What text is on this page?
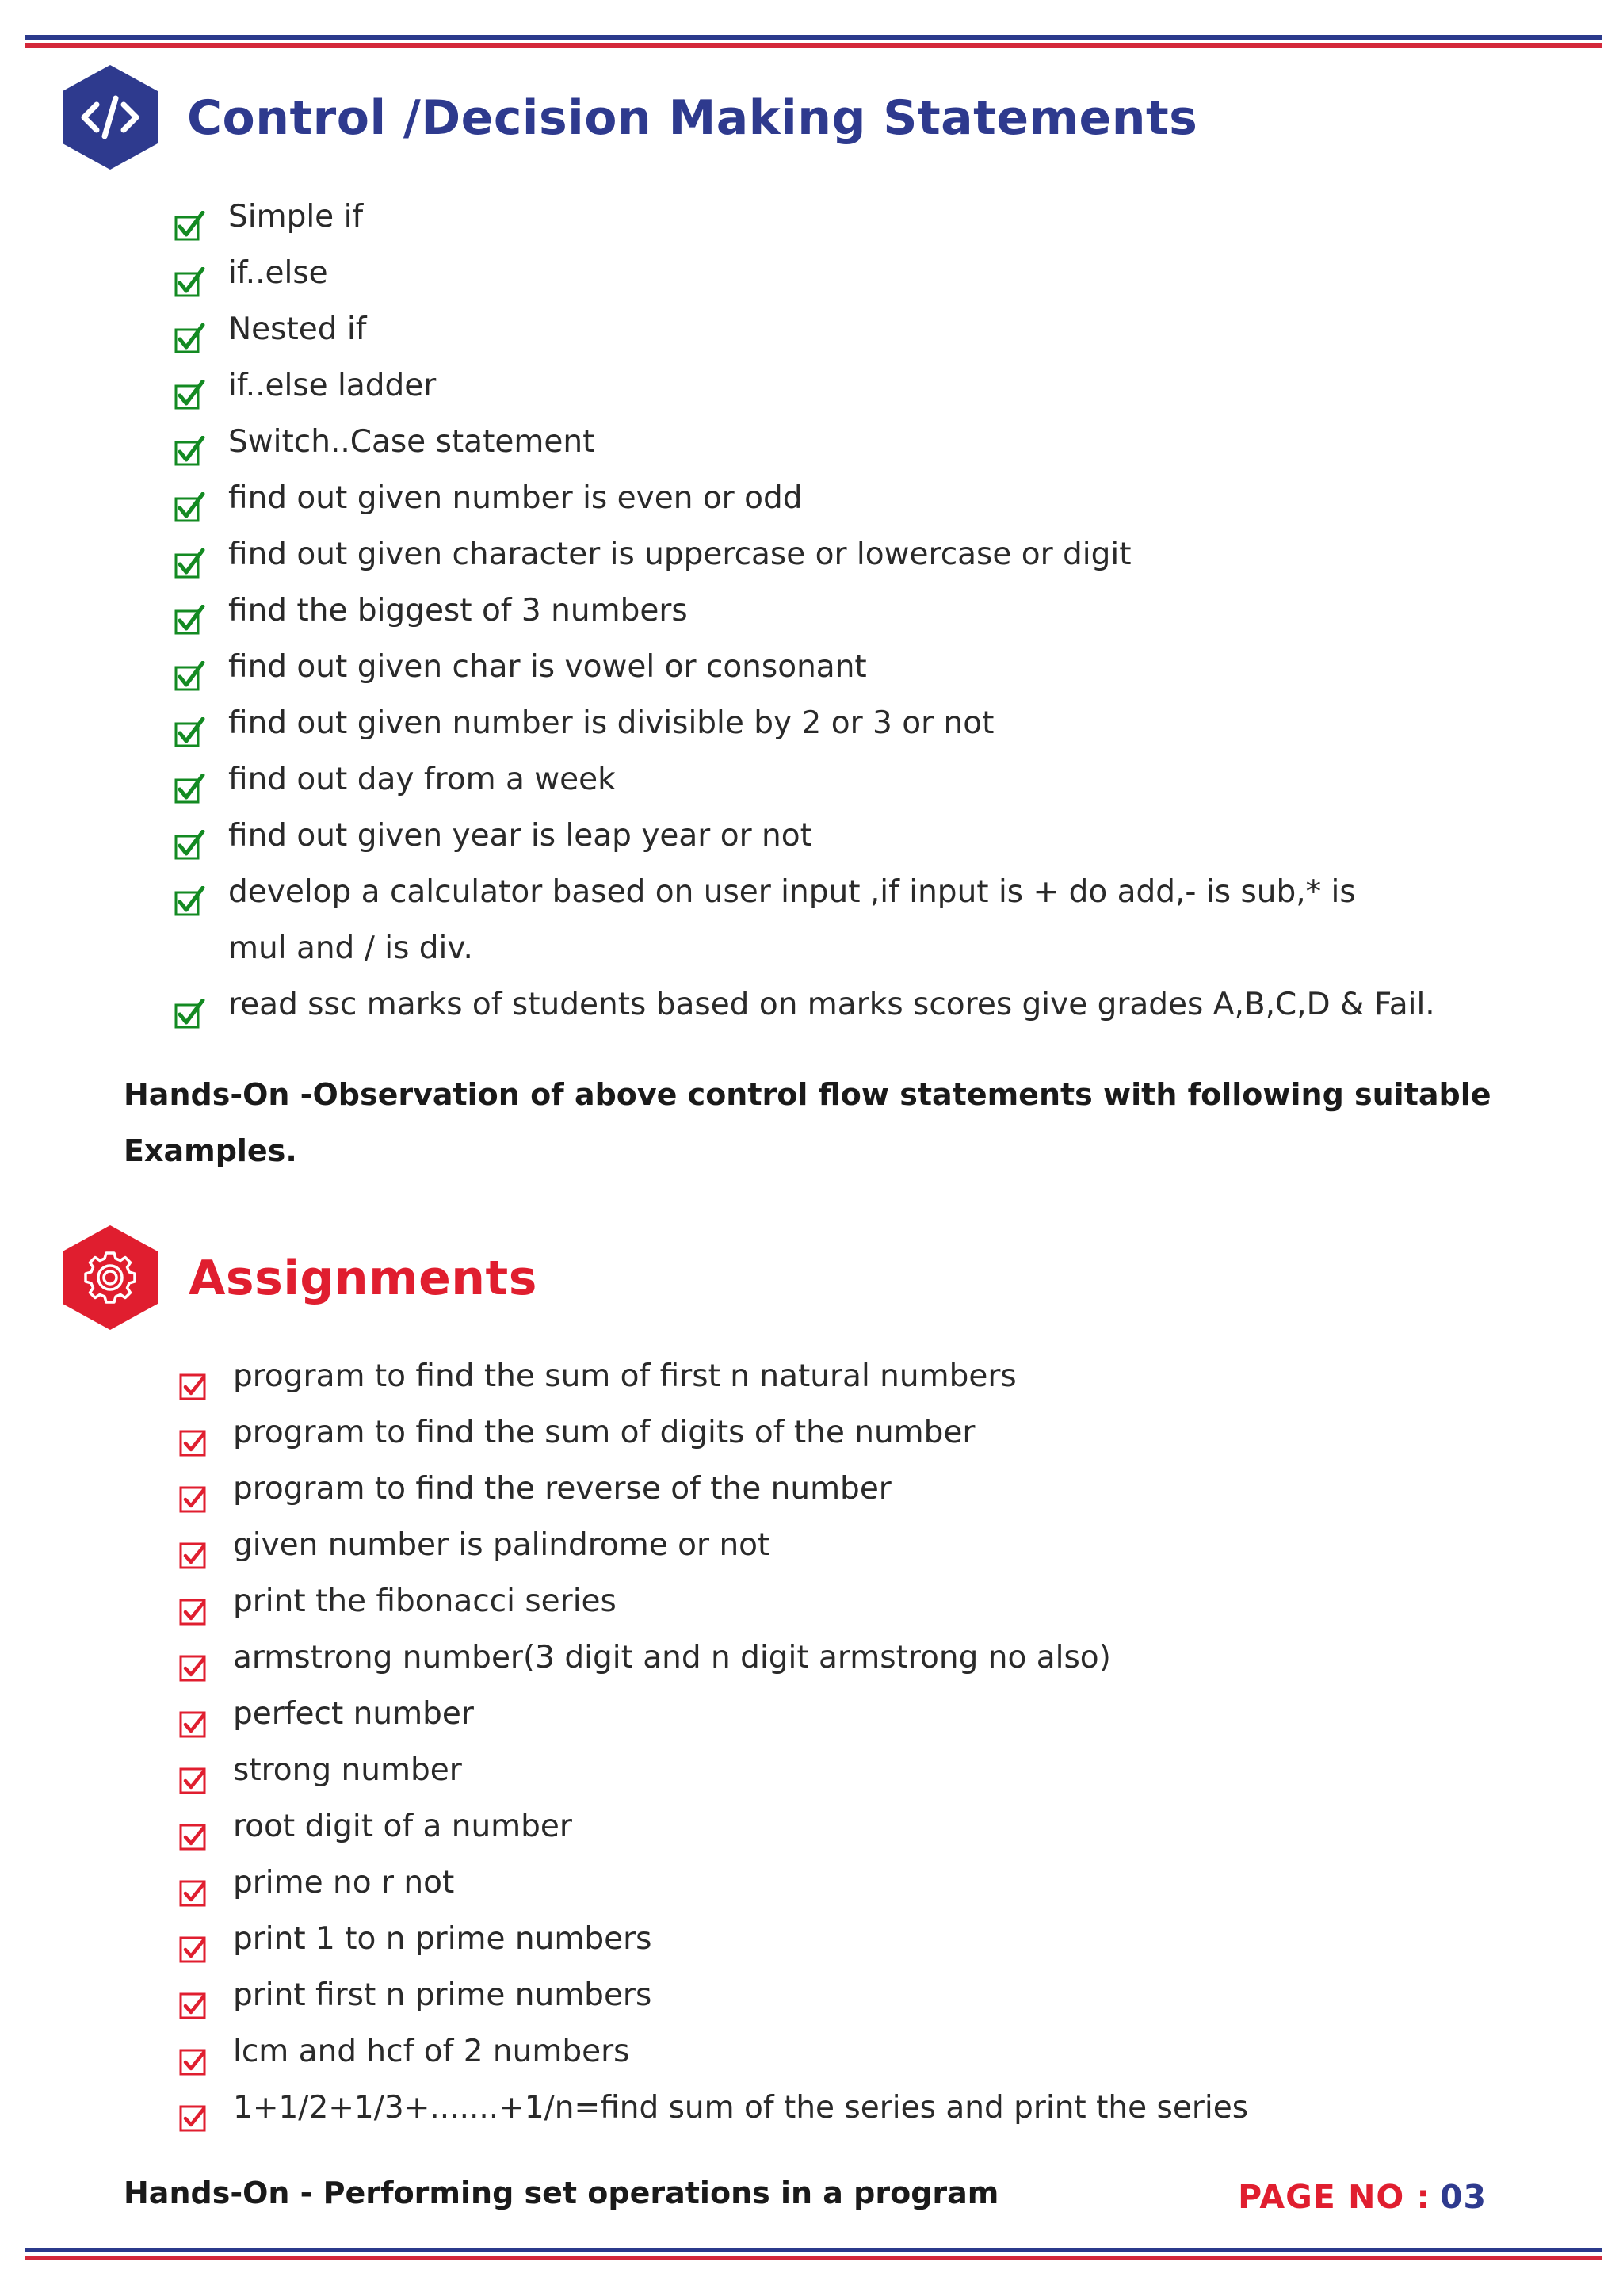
Control /Decision Making Statements
Simple if
if..else
Nested if
if..else ladder
Switch..Case statement
find out given number is even or odd
find out given character is uppercase or lowercase or digit
find the biggest of 3 numbers
find out given char is vowel or consonant
find out given number is divisible by 2 or 3 or not
find out day from a week
find out given year is leap year or not
develop a calculator based on user input ,if input is + do add,- is sub,* is
mul and / is div.
read ssc marks of students based on marks scores give grades A,B,C,D & Fail.

Hands-On -Observation of above control flow statements with following suitable
Examples.

Assignments
program to find the sum of first n natural numbers
program to find the sum of digits of the number
program to find the reverse of the number
given number is palindrome or not
print the fibonacci series
armstrong number(3 digit and n digit armstrong no also)
perfect number
strong number
root digit of a number
prime no r not
print 1 to n prime numbers
print first n prime numbers
lcm and hcf of 2 numbers
1+1/2+1/3+.......+1/n=find sum of the series and print the series

Hands-On - Performing set operations in a program	PAGE NO : 03
